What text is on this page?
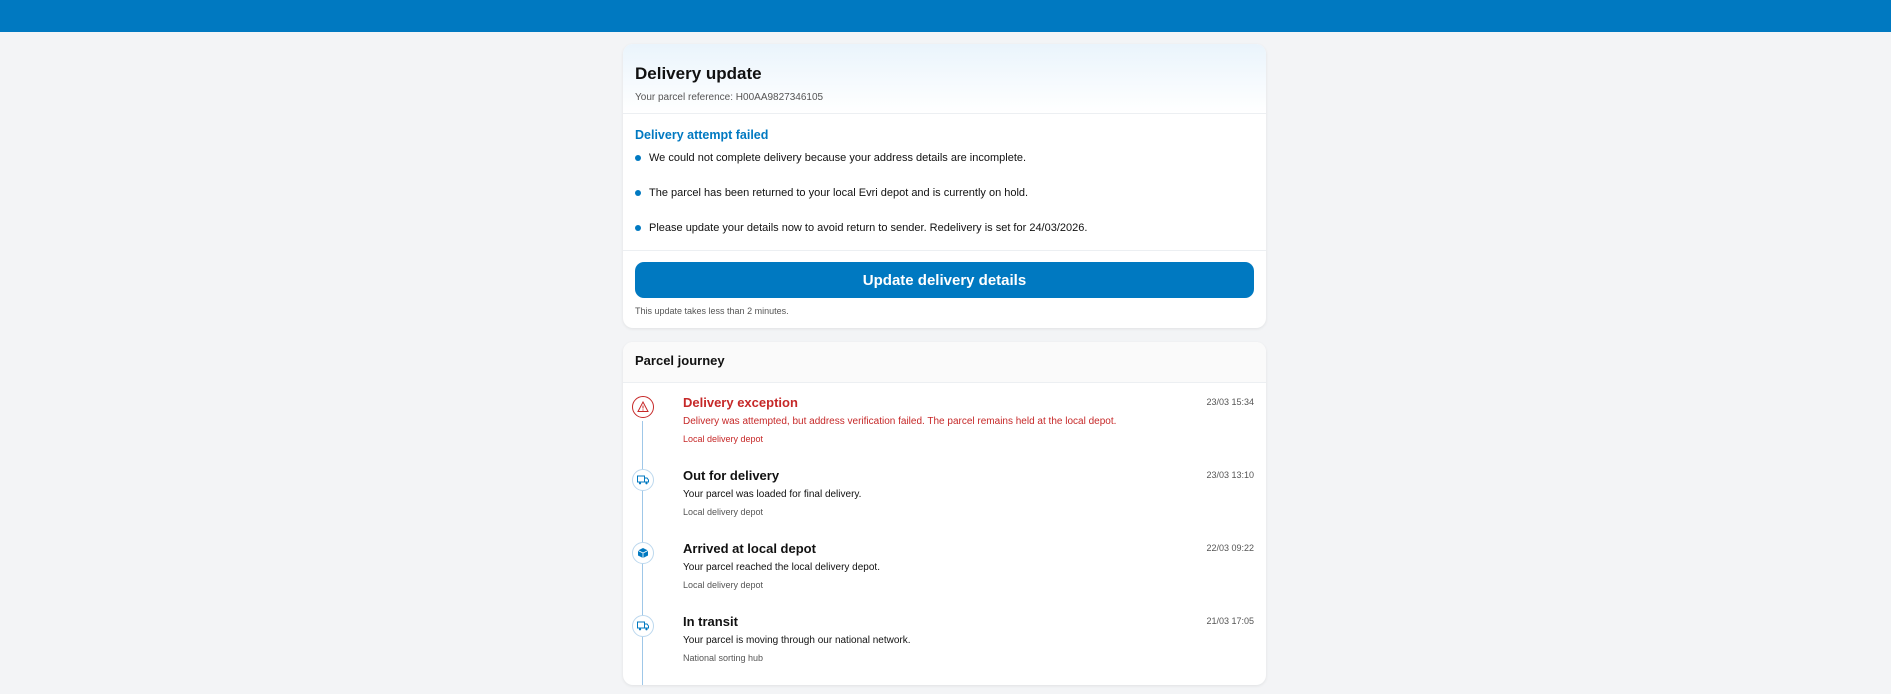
Delivery update
Your parcel reference: H00AA9827346105
Delivery attempt failed
We could not complete delivery because your address details are incomplete.
The parcel has been returned to your local Evri depot and is currently on hold.
Please update your details now to avoid return to sender. Redelivery is set for 24/03/2026.
Update delivery details
This update takes less than 2 minutes.
Parcel journey
Delivery exception
Delivery was attempted, but address verification failed. The parcel remains held at the local depot.
Local delivery depot
23/03 15:34
Out for delivery
Your parcel was loaded for final delivery.
Local delivery depot
23/03 13:10
Arrived at local depot
Your parcel reached the local delivery depot.
Local delivery depot
22/03 09:22
In transit
Your parcel is moving through our national network.
National sorting hub
21/03 17:05
